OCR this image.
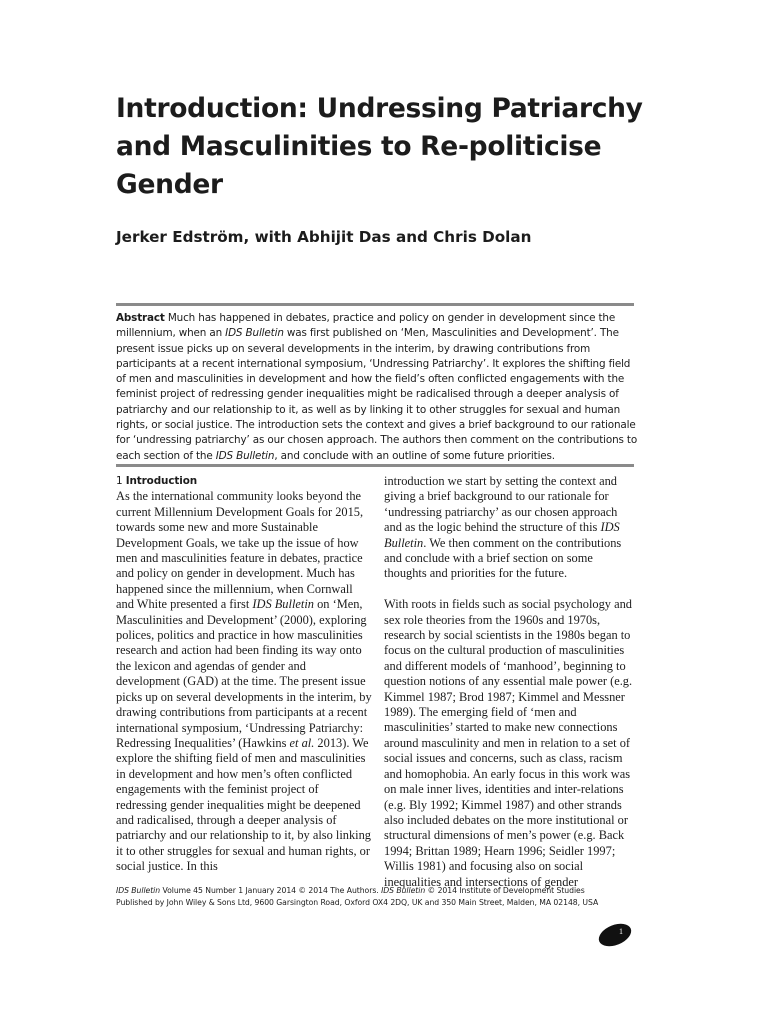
Introduction: Undressing Patriarchy
and Masculinities to Re-politicise
Gender

Jerker Edström, with Abhijit Das and Chris Dolan

Abstract Much has happened in debates, practice and policy on gender in development since the millennium, when an IDS Bulletin was first published on ‘Men, Masculinities and Development’. The present issue picks up on several developments in the interim, by drawing contributions from participants at a recent international symposium, ‘Undressing Patriarchy’. It explores the shifting field of men and masculinities in development and how the field’s often conflicted engagements with the feminist project of redressing gender inequalities might be radicalised through a deeper analysis of patriarchy and our relationship to it, as well as by linking it to other struggles for sexual and human rights, or social justice. The introduction sets the context and gives a brief background to our rationale for ‘undressing patriarchy’ as our chosen approach. The authors then comment on the contributions to each section of the IDS Bulletin, and conclude with an outline of some future priorities.

1 Introduction

As the international community looks beyond the current Millennium Development Goals for 2015, towards some new and more Sustainable Development Goals, we take up the issue of how men and masculinities feature in debates, practice and policy on gender in development. Much has happened since the millennium, when Cornwall and White presented a first IDS Bulletin on ‘Men, Masculinities and Development’ (2000), exploring polices, politics and practice in how masculinities research and action had been finding its way onto the lexicon and agendas of gender and development (GAD) at the time. The present issue picks up on several developments in the interim, by drawing contributions from participants at a recent international symposium, ‘Undressing Patriarchy: Redressing Inequalities’ (Hawkins et al. 2013). We explore the shifting field of men and masculinities in development and how men’s often conflicted engagements with the feminist project of redressing gender inequalities might be deepened and radicalised, through a deeper analysis of patriarchy and our relationship to it, by also linking it to other struggles for sexual and human rights, or social justice. In this

introduction we start by setting the context and giving a brief background to our rationale for ‘undressing patriarchy’ as our chosen approach and as the logic behind the structure of this IDS Bulletin. We then comment on the contributions and conclude with a brief section on some thoughts and priorities for the future.

With roots in fields such as social psychology and sex role theories from the 1960s and 1970s, research by social scientists in the 1980s began to focus on the cultural production of masculinities and different models of ‘manhood’, beginning to question notions of any essential male power (e.g. Kimmel 1987; Brod 1987; Kimmel and Messner 1989). The emerging field of ‘men and masculinities’ started to make new connections around masculinity and men in relation to a set of social issues and concerns, such as class, racism and homophobia. An early focus in this work was on male inner lives, identities and inter-relations (e.g. Bly 1992; Kimmel 1987) and other strands also included debates on the more institutional or structural dimensions of men’s power (e.g. Back 1994; Brittan 1989; Hearn 1996; Seidler 1997; Willis 1981) and focusing also on social inequalities and intersections of gender

IDS Bulletin Volume 45 Number 1 January 2014 © 2014 The Authors. IDS Bulletin © 2014 Institute of Development Studies
Published by John Wiley & Sons Ltd, 9600 Garsington Road, Oxford OX4 2DQ, UK and 350 Main Street, Malden, MA 02148, USA
1
